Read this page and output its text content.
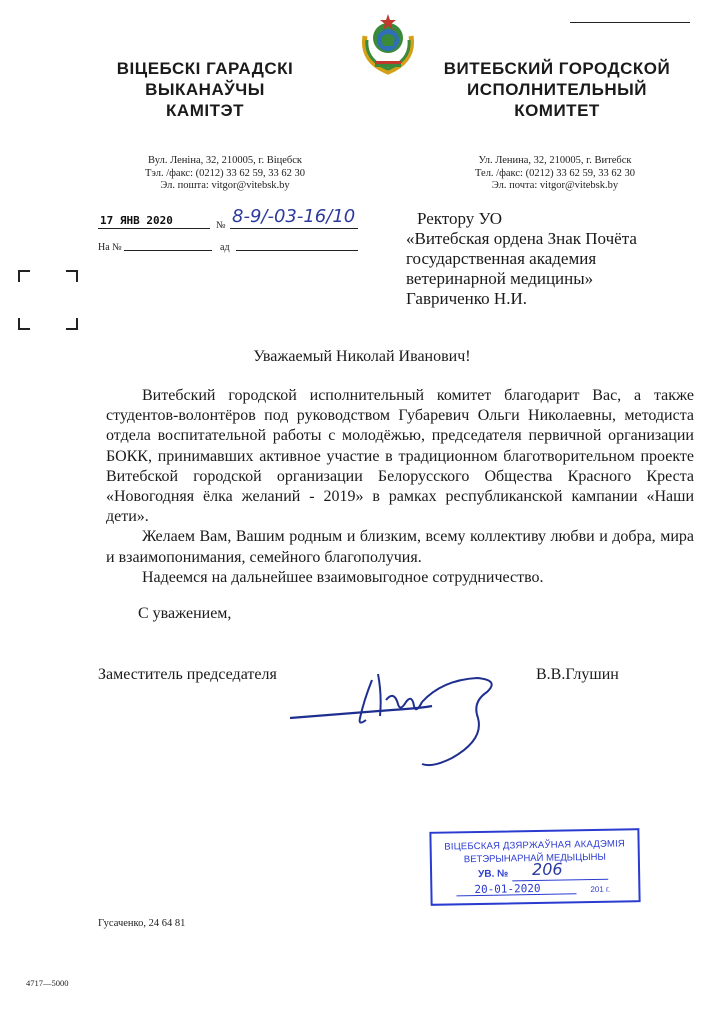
ВІЦЕБСКІ ГАРАДСКІ
ВЫКАНАЎЧЫ
КАМІТЭТ
ВИТЕБСКИЙ ГОРОДСКОЙ
ИСПОЛНИТЕЛЬНЫЙ
КОМИТЕТ
Вул. Леніна, 32, 210005, г. Віцебск
Тэл. /факс: (0212) 33 62 59, 33 62 30
Эл. пошта: vitgor@vitebsk.by
Ул. Ленина, 32, 210005, г. Витебск
Тел. /факс: (0212) 33 62 59, 33 62 30
Эл. почта: vitgor@vitebsk.by
17 ЯНВ 2020	№ 8-9/-03-16/10
На №	ад
Ректору УО
«Витебская ордена Знак Почёта
государственная академия
ветеринарной медицины»
Гавриченко Н.И.
Уважаемый Николай Иванович!

Витебский городской исполнительный комитет благодарит Вас, а также студентов-волонтёров под руководством Губаревич Ольги Николаевны, методиста отдела воспитательной работы с молодёжью, председателя первичной организации БОКК, принимавших активное участие в традиционном благотворительном проекте Витебской городской организации Белорусского Общества Красного Креста «Новогодняя ёлка желаний - 2019» в рамках республиканской кампании «Наши дети».

Желаем Вам, Вашим родным и близким, всему коллективу любви и добра, мира и взаимопонимания, семейного благополучия.

Надеемся на дальнейшее взаимовыгодное сотрудничество.

С уважением,
Заместитель председателя	В.В.Глушин
ВІЦЕБСКАЯ ДЗЯРЖАЎНАЯ АКАДЭМІЯ
ВЕТЭРЫНАРНАЙ МЕДЫЦЫНЫ
УВ. № 206
20-01-2020	201 г.
Гусаченко, 24 64 81
4717—5000
